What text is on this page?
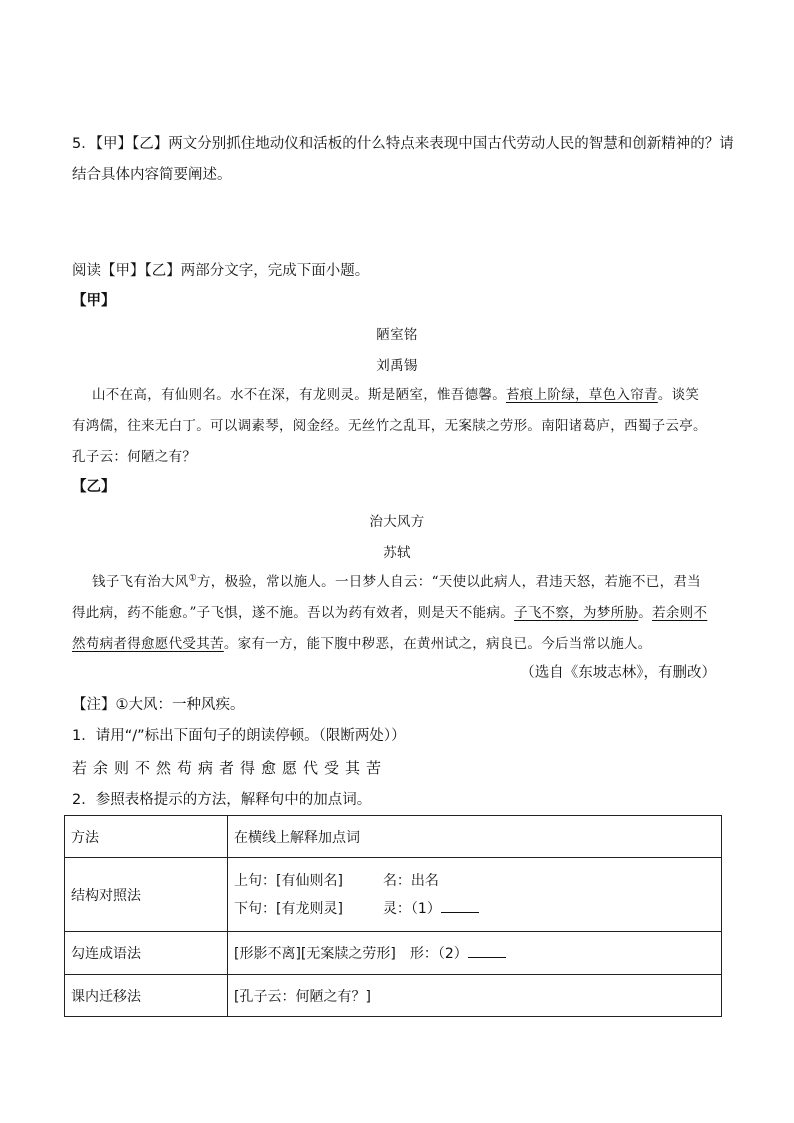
5．【甲】【乙】两文分别抓住地动仪和活板的什么特点来表现中国古代劳动人民的智慧和创新精神的？请
结合具体内容简要阐述。
阅读【甲】【乙】两部分文字，完成下面小题。
【甲】
陋室铭
刘禹锡
山不在高，有仙则名。水不在深，有龙则灵。斯是陋室，惟吾德馨。苔痕上阶绿，草色入帘青。谈笑
有鸿儒，往来无白丁。可以调素琴，阅金经。无丝竹之乱耳，无案牍之劳形。南阳诸葛庐，西蜀子云亭。
孔子云：何陋之有？
【乙】
治大风方
苏轼
钱子飞有治大风①方，极验，常以施人。一日梦人自云：“天使以此病人，君违天怒，若施不已，君当
得此病，药不能愈。”子飞惧，遂不施。吾以为药有效者，则是天不能病。子飞不察，为梦所胁。若余则不
然苟病者得愈愿代受其苦。家有一方，能下腹中秽恶，在黄州试之，病良已。今后当常以施人。
（选自《东坡志林》，有删改）
【注】①大风：一种风疾。
1．请用“/”标出下面句子的朗读停顿。（限断两处））
若余则不然苟病者得愈愿代受其苦
2．参照表格提示的方法，解释句中的加点词。
方法	在横线上解释加点词
结构对照法	上句：[有仙则名] 名：出名
下句：[有龙则灵] 灵：（1）

勾连成语法	[形影不离][无案牍之劳形] 形：（2）
课内迁移法	[孔子云：何陋之有？]
